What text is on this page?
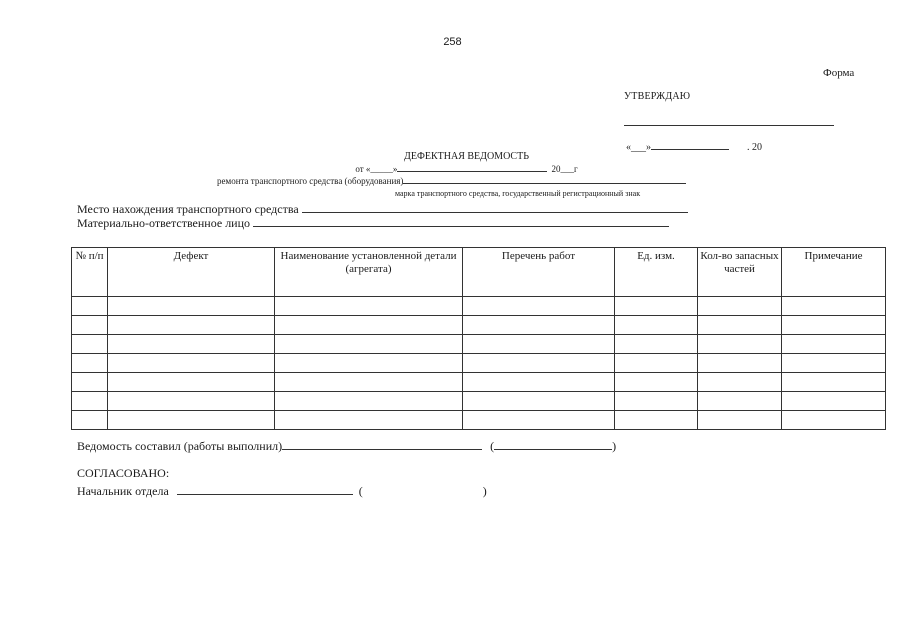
258
Форма
УТВЕРЖДАЮ
«___»	. 20
ДЕФЕКТНАЯ ВЕДОМОСТЬ
от «_____»	20___г
ремонта транспортного средства (оборудования)
марка транспортного средства, государственный регистрационный знак
Место нахождения транспортного средства
Материально-ответственное лицо
№ п/п	Дефект	Наименование установленной детали (агрегата)	Перечень работ	Ед. изм.	Кол-во запасных частей	Примечание

Ведомость составил (работы выполнил)	(	)
СОГЛАСОВАНО:
Начальник отдела	(	)
